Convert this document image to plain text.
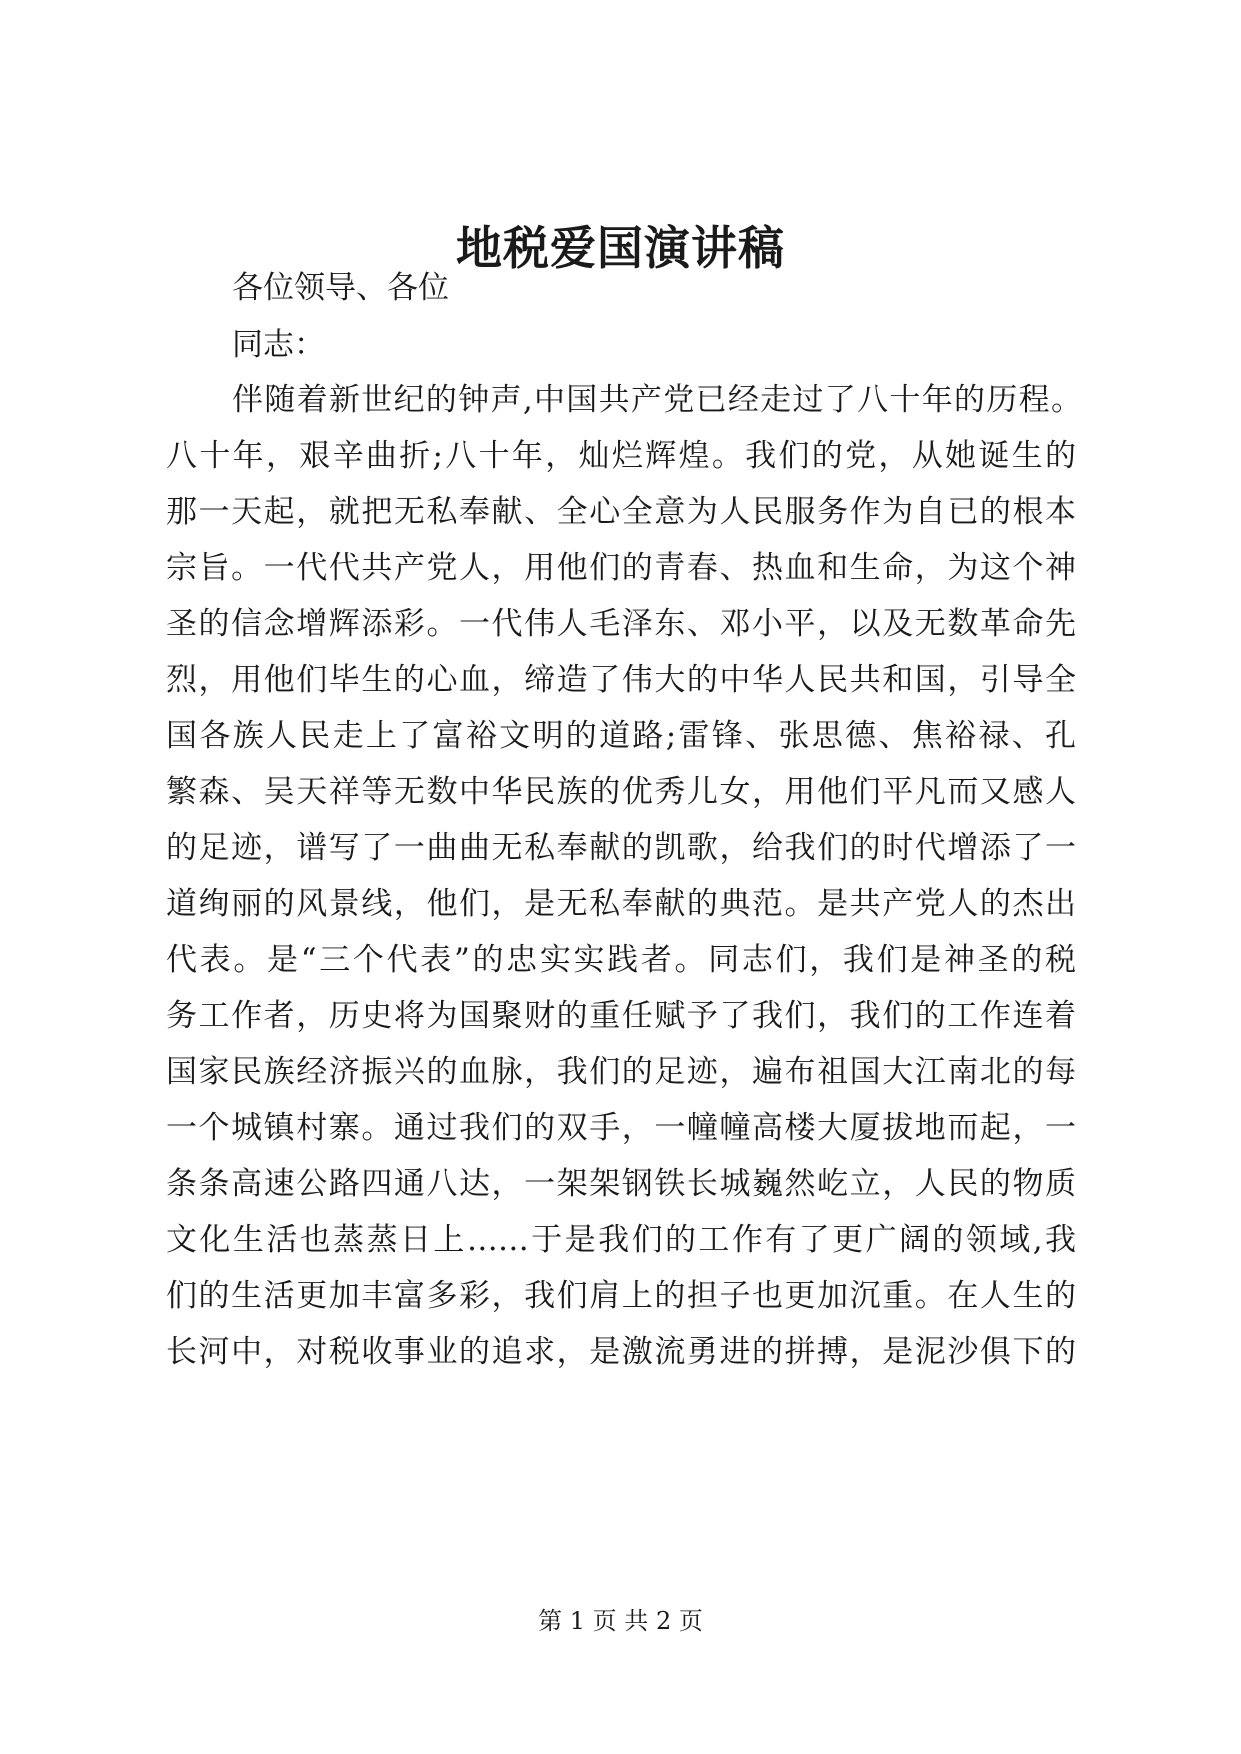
地税爱国演讲稿
各位领导、各位
同志：
伴随着新世纪的钟声,中国共产党已经走过了八十年的历程。
八十年，艰辛曲折;八十年，灿烂辉煌。我们的党，从她诞生的
那一天起，就把无私奉献、全心全意为人民服务作为自已的根本
宗旨。一代代共产党人，用他们的青春、热血和生命，为这个神
圣的信念增辉添彩。一代伟人毛泽东、邓小平，以及无数革命先
烈，用他们毕生的心血，缔造了伟大的中华人民共和国，引导全
国各族人民走上了富裕文明的道路;雷锋、张思德、焦裕禄、孔
繁森、吴天祥等无数中华民族的优秀儿女，用他们平凡而又感人
的足迹，谱写了一曲曲无私奉献的凯歌，给我们的时代增添了一
道绚丽的风景线，他们，是无私奉献的典范。是共产党人的杰出
代表。是“三个代表”的忠实实践者。同志们，我们是神圣的税
务工作者，历史将为国聚财的重任赋予了我们，我们的工作连着
国家民族经济振兴的血脉，我们的足迹，遍布祖国大江南北的每
一个城镇村寨。通过我们的双手，一幢幢高楼大厦拔地而起，一
条条高速公路四通八达，一架架钢铁长城巍然屹立，人民的物质
文化生活也蒸蒸日上……于是我们的工作有了更广阔的领域,我
们的生活更加丰富多彩，我们肩上的担子也更加沉重。在人生的
长河中，对税收事业的追求，是激流勇进的拼搏，是泥沙俱下的
第 1 页 共 2 页
